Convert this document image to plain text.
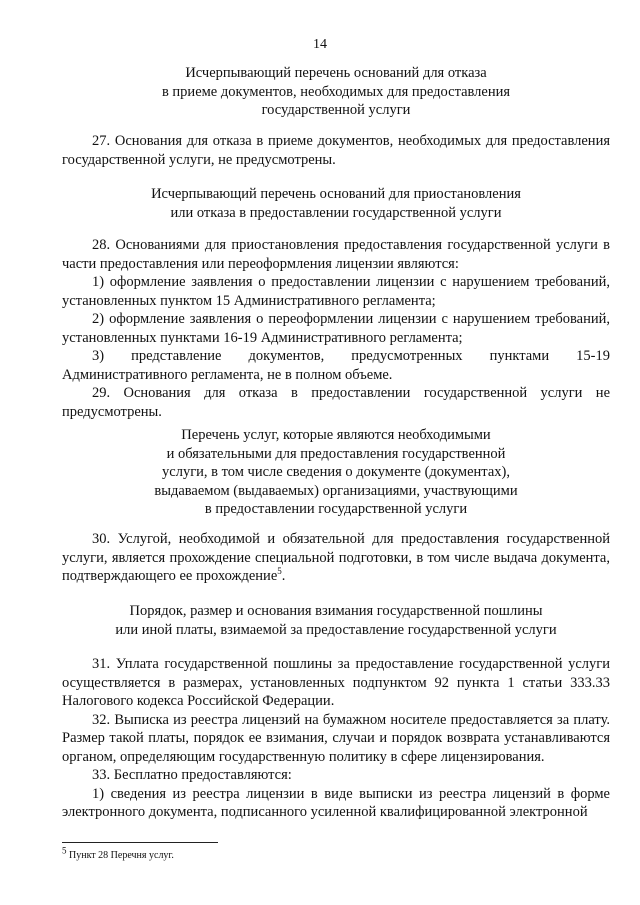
14
Исчерпывающий перечень оснований для отказа
в приеме документов, необходимых для предоставления
государственной услуги

27. Основания для отказа в приеме документов, необходимых для предоставления государственной услуги, не предусмотрены.

Исчерпывающий перечень оснований для приостановления
или отказа в предоставлении государственной услуги

28. Основаниями для приостановления предоставления государственной услуги в части предоставления или переоформления лицензии являются:

1) оформление заявления о предоставлении лицензии с нарушением требований, установленных пунктом 15 Административного регламента;

2) оформление заявления о переоформлении лицензии с нарушением требований, установленных пунктами 16-19 Административного регламента;

3) представление документов, предусмотренных пунктами 15-19 Административного регламента, не в полном объеме.

29. Основания для отказа в предоставлении государственной услуги не предусмотрены.

Перечень услуг, которые являются необходимыми
и обязательными для предоставления государственной
услуги, в том числе сведения о документе (документах),
выдаваемом (выдаваемых) организациями, участвующими
в предоставлении государственной услуги

30. Услугой, необходимой и обязательной для предоставления государственной услуги, является прохождение специальной подготовки, в том числе выдача документа, подтверждающего ее прохождение$^5$.

Порядок, размер и основания взимания государственной пошлины
или иной платы, взимаемой за предоставление государственной услуги

31. Уплата государственной пошлины за предоставление государственной услуги осуществляется в размерах, установленных подпунктом 92 пункта 1 статьи 333.33 Налогового кодекса Российской Федерации.

32. Выписка из реестра лицензий на бумажном носителе предоставляется за плату. Размер такой платы, порядок ее взимания, случаи и порядок возврата устанавливаются органом, определяющим государственную политику в сфере лицензирования.

33. Бесплатно предоставляются:

1) сведения из реестра лицензии в виде выписки из реестра лицензий в форме электронного документа, подписанного усиленной квалифицированной электронной

$^5$ Пункт 28 Перечня услуг.
